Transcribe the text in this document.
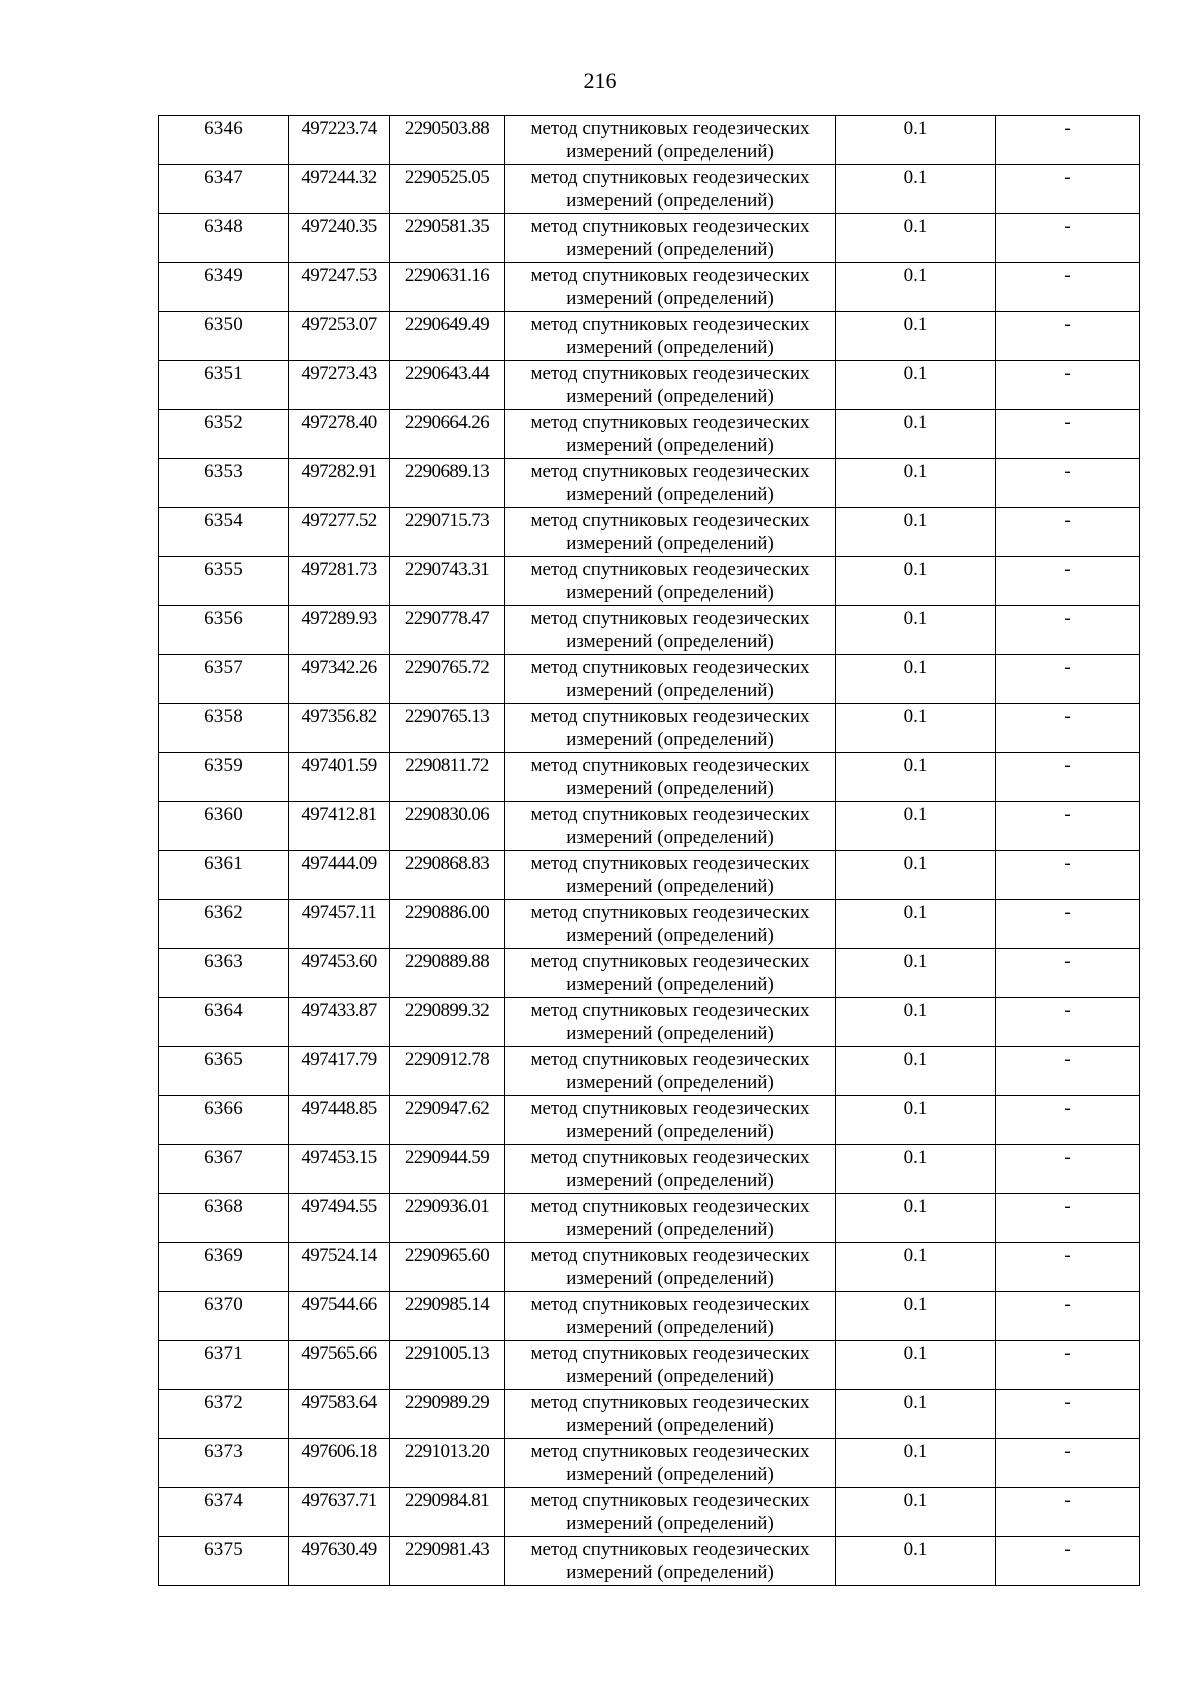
216
6346	497223.74	2290503.88	метод спутниковых геодезических измерений (определений)	0.1	-
6347	497244.32	2290525.05	метод спутниковых геодезических измерений (определений)	0.1	-
6348	497240.35	2290581.35	метод спутниковых геодезических измерений (определений)	0.1	-
6349	497247.53	2290631.16	метод спутниковых геодезических измерений (определений)	0.1	-
6350	497253.07	2290649.49	метод спутниковых геодезических измерений (определений)	0.1	-
6351	497273.43	2290643.44	метод спутниковых геодезических измерений (определений)	0.1	-
6352	497278.40	2290664.26	метод спутниковых геодезических измерений (определений)	0.1	-
6353	497282.91	2290689.13	метод спутниковых геодезических измерений (определений)	0.1	-
6354	497277.52	2290715.73	метод спутниковых геодезических измерений (определений)	0.1	-
6355	497281.73	2290743.31	метод спутниковых геодезических измерений (определений)	0.1	-
6356	497289.93	2290778.47	метод спутниковых геодезических измерений (определений)	0.1	-
6357	497342.26	2290765.72	метод спутниковых геодезических измерений (определений)	0.1	-
6358	497356.82	2290765.13	метод спутниковых геодезических измерений (определений)	0.1	-
6359	497401.59	2290811.72	метод спутниковых геодезических измерений (определений)	0.1	-
6360	497412.81	2290830.06	метод спутниковых геодезических измерений (определений)	0.1	-
6361	497444.09	2290868.83	метод спутниковых геодезических измерений (определений)	0.1	-
6362	497457.11	2290886.00	метод спутниковых геодезических измерений (определений)	0.1	-
6363	497453.60	2290889.88	метод спутниковых геодезических измерений (определений)	0.1	-
6364	497433.87	2290899.32	метод спутниковых геодезических измерений (определений)	0.1	-
6365	497417.79	2290912.78	метод спутниковых геодезических измерений (определений)	0.1	-
6366	497448.85	2290947.62	метод спутниковых геодезических измерений (определений)	0.1	-
6367	497453.15	2290944.59	метод спутниковых геодезических измерений (определений)	0.1	-
6368	497494.55	2290936.01	метод спутниковых геодезических измерений (определений)	0.1	-
6369	497524.14	2290965.60	метод спутниковых геодезических измерений (определений)	0.1	-
6370	497544.66	2290985.14	метод спутниковых геодезических измерений (определений)	0.1	-
6371	497565.66	2291005.13	метод спутниковых геодезических измерений (определений)	0.1	-
6372	497583.64	2290989.29	метод спутниковых геодезических измерений (определений)	0.1	-
6373	497606.18	2291013.20	метод спутниковых геодезических измерений (определений)	0.1	-
6374	497637.71	2290984.81	метод спутниковых геодезических измерений (определений)	0.1	-
6375	497630.49	2290981.43	метод спутниковых геодезических измерений (определений)	0.1	-
